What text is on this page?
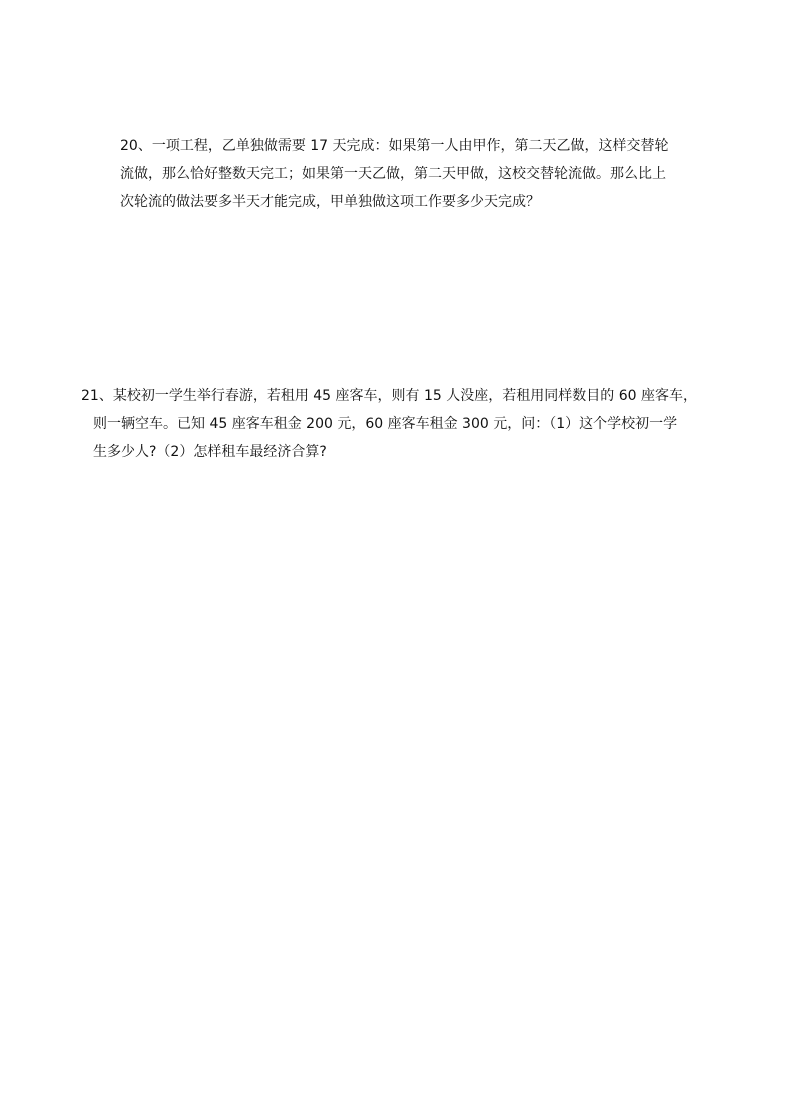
20、一项工程，乙单独做需要 17 天完成：如果第一人由甲作，第二天乙做，这样交替轮
流做，那么恰好整数天完工；如果第一天乙做，第二天甲做，这校交替轮流做。那么比上
次轮流的做法要多半天才能完成，甲单独做这项工作要多少天完成？
21、某校初一学生举行春游，若租用 45 座客车，则有 15 人没座，若租用同样数目的 60 座客车，
则一辆空车。已知 45 座客车租金 200 元，60 座客车租金 300 元，问：（1）这个学校初一学
生多少人?（2）怎样租车最经济合算?
